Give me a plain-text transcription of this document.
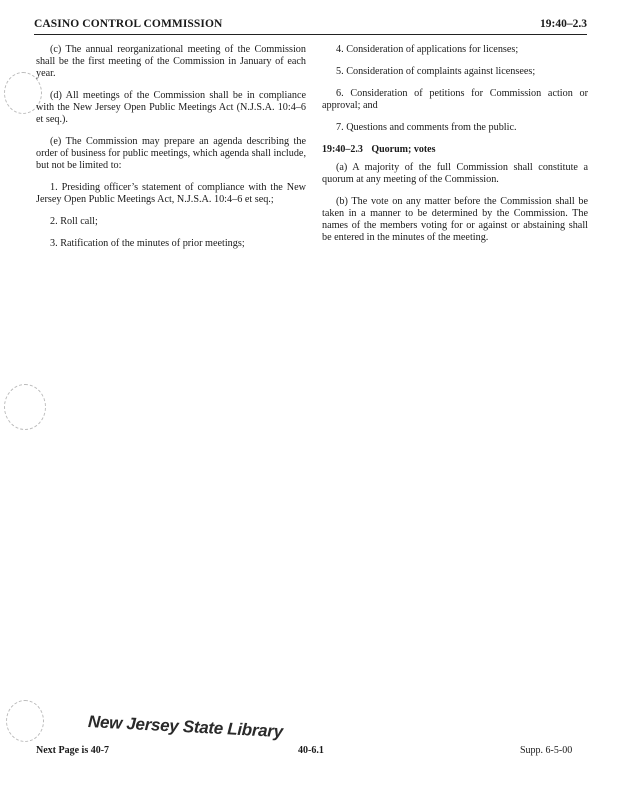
CASINO CONTROL COMMISSION	19:40–2.3

(c) The annual reorganizational meeting of the Commission shall be the first meeting of the Commission in January of each year.

(d) All meetings of the Commission shall be in compliance with the New Jersey Open Public Meetings Act (N.J.S.A. 10:4–6 et seq.).

(e) The Commission may prepare an agenda describing the order of business for public meetings, which agenda shall include, but not be limited to:

1. Presiding officer’s statement of compliance with the New Jersey Open Public Meetings Act, N.J.S.A. 10:4–6 et seq.;

2. Roll call;

3. Ratification of the minutes of prior meetings;

4. Consideration of applications for licenses;

5. Consideration of complaints against licensees;

6. Consideration of petitions for Commission action or approval; and

7. Questions and comments from the public.

19:40–2.3 Quorum; votes

(a) A majority of the full Commission shall constitute a quorum at any meeting of the Commission.

(b) The vote on any matter before the Commission shall be taken in a manner to be determined by the Commission. The names of the members voting for or against or abstaining shall be entered in the minutes of the meeting.

New Jersey State Library
Next Page is 40-7	40-6.1	Supp. 6-5-00
